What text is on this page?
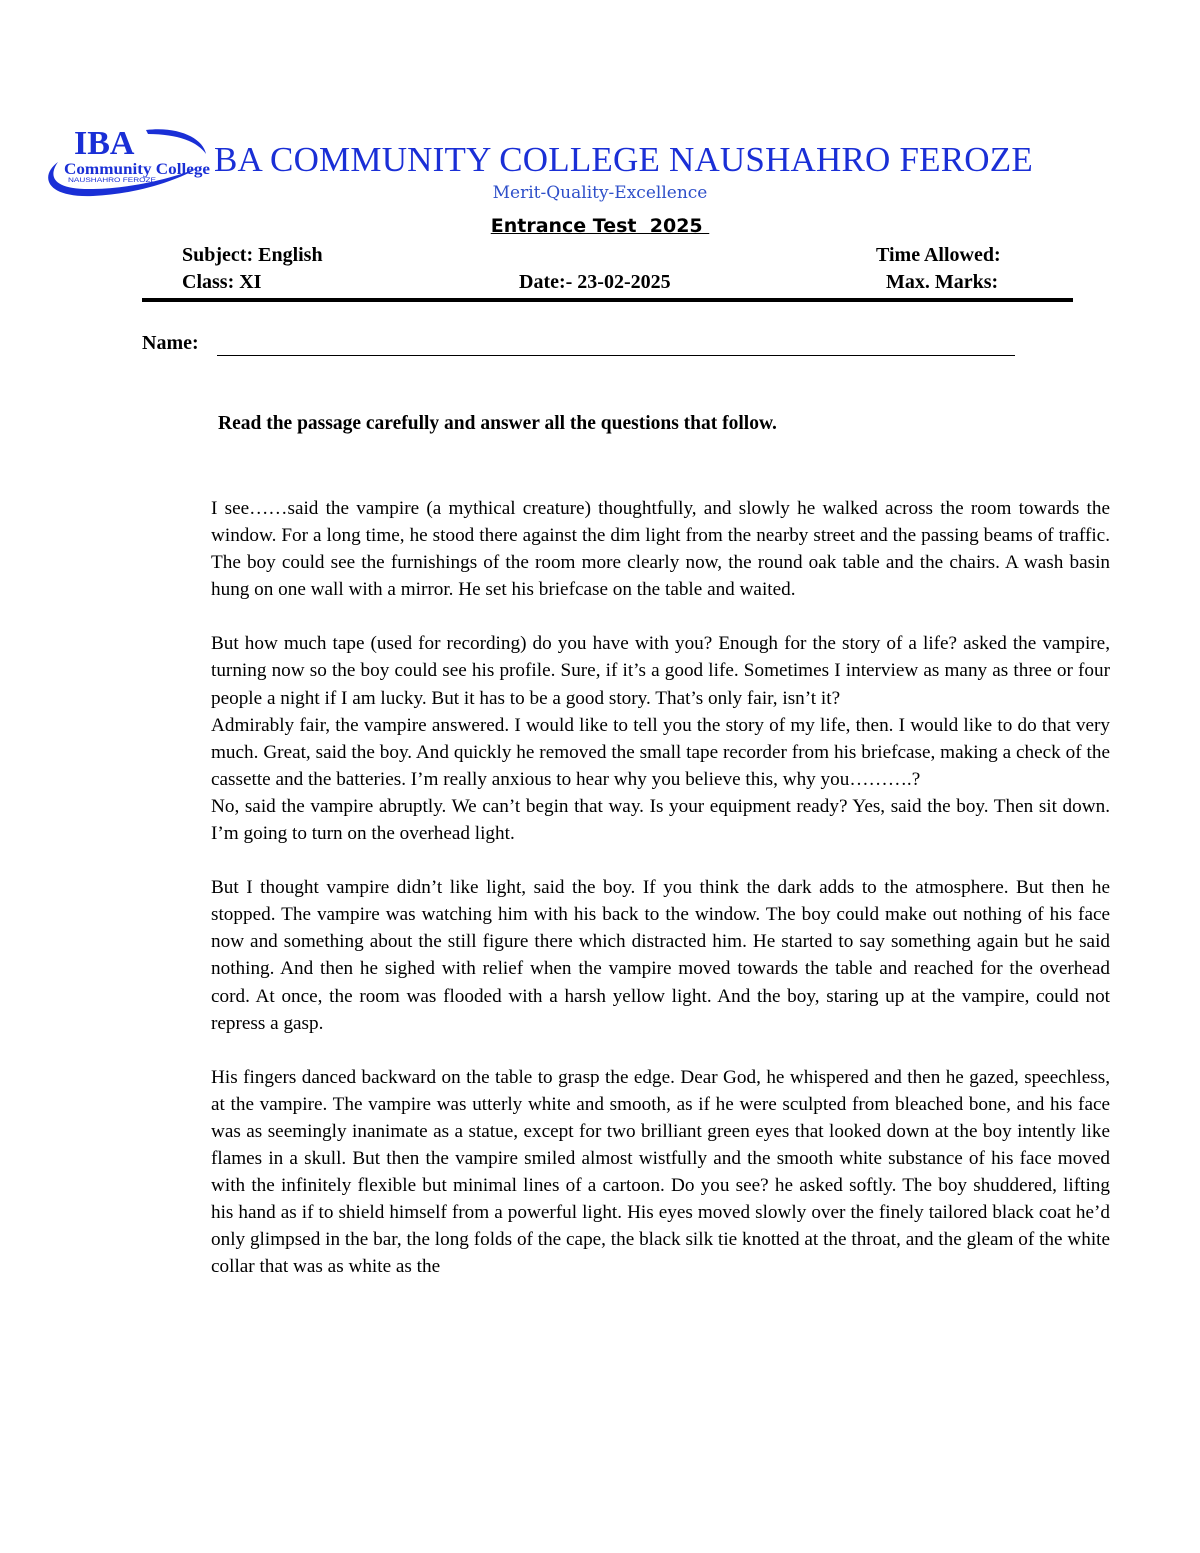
IBA
Community College
NAUSHAHRO FEROZE
BA COMMUNITY COLLEGE NAUSHAHRO FEROZE
Merit-Quality-Excellence
Entrance Test  2025
Subject: English
Class: XI	Date:- 23-02-2025
Time Allowed:
Max. Marks:
Name:
Read the passage carefully and answer all the questions that follow.

I see……said the vampire (a mythical creature) thoughtfully, and slowly he walked across the room towards the window. For a long time, he stood there against the dim light from the nearby street and the passing beams of traffic. The boy could see the furnishings of the room more clearly now, the round oak table and the chairs. A wash basin hung on one wall with a mirror. He set his briefcase on the table and waited.

But how much tape (used for recording) do you have with you? Enough for the story of a life? asked the vampire, turning now so the boy could see his profile. Sure, if it’s a good life. Sometimes I interview as many as three or four people a night if I am lucky. But it has to be a good story. That’s only fair, isn’t it?

Admirably fair, the vampire answered. I would like to tell you the story of my life, then. I would like to do that very much. Great, said the boy. And quickly he removed the small tape recorder from his briefcase, making a check of the cassette and the batteries. I’m really anxious to hear why you believe this, why you……….?

No, said the vampire abruptly. We can’t begin that way. Is your equipment ready? Yes, said the boy. Then sit down. I’m going to turn on the overhead light.

But I thought vampire didn’t like light, said the boy. If you think the dark adds to the atmosphere. But then he stopped. The vampire was watching him with his back to the window. The boy could make out nothing of his face now and something about the still figure there which distracted him. He started to say something again but he said nothing. And then he sighed with relief when the vampire moved towards the table and reached for the overhead cord. At once, the room was flooded with a harsh yellow light. And the boy, staring up at the vampire, could not repress a gasp.

His fingers danced backward on the table to grasp the edge. Dear God, he whispered and then he gazed, speechless, at the vampire. The vampire was utterly white and smooth, as if he were sculpted from bleached bone, and his face was as seemingly inanimate as a statue, except for two brilliant green eyes that looked down at the boy intently like flames in a skull. But then the vampire smiled almost wistfully and the smooth white substance of his face moved with the infinitely flexible but minimal lines of a cartoon. Do you see? he asked softly. The boy shuddered, lifting his hand as if to shield himself from a powerful light. His eyes moved slowly over the finely tailored black coat he’d only glimpsed in the bar, the long folds of the cape, the black silk tie knotted at the throat, and the gleam of the white collar that was as white as the
